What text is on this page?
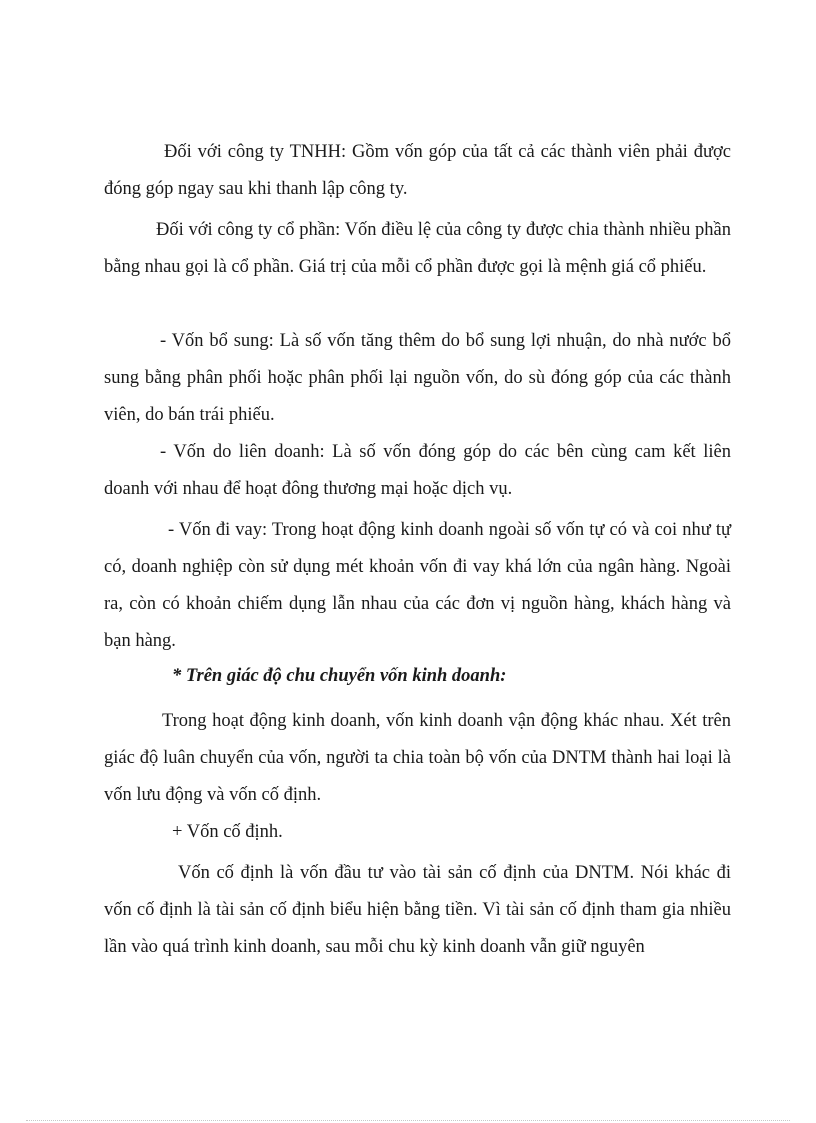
Đối với công ty TNHH: Gồm vốn góp của tất cả các thành viên phải được đóng góp ngay sau khi thanh lập công ty.

Đối với công ty cổ phần: Vốn điều lệ của công ty được chia thành nhiều phần bằng nhau gọi là cổ phần. Giá trị của mỗi cổ phần được gọi là mệnh giá cổ phiếu.

- Vốn bổ sung: Là số vốn tăng thêm do bổ sung lợi nhuận, do nhà nước bổ sung bằng phân phối hoặc phân phối lại nguồn vốn, do sù đóng góp của các thành viên, do bán trái phiếu.

- Vốn do liên doanh: Là số vốn đóng góp do các bên cùng cam kết liên doanh với nhau để hoạt đông thương mại hoặc dịch vụ.

- Vốn đi vay: Trong hoạt động kinh doanh ngoài số vốn tự có và coi như tự có, doanh nghiệp còn sử dụng mét khoản vốn đi vay khá lớn của ngân hàng. Ngoài ra, còn có khoản chiếm dụng lẫn nhau của các đơn vị nguồn hàng, khách hàng và bạn hàng.

* Trên giác độ chu chuyển vốn kinh doanh:

Trong hoạt động kinh doanh, vốn kinh doanh vận động khác nhau. Xét trên giác độ luân chuyển của vốn, người ta chia toàn bộ vốn của DNTM thành hai loại là vốn lưu động và vốn cố định.

+ Vốn cố định.

Vốn cố định là vốn đầu tư vào tài sản cố định của DNTM. Nói khác đi vốn cố định là tài sản cố định biểu hiện bằng tiền. Vì tài sản cố định tham gia nhiều lần vào quá trình kinh doanh, sau mỗi chu kỳ kinh doanh vẫn giữ nguyên
